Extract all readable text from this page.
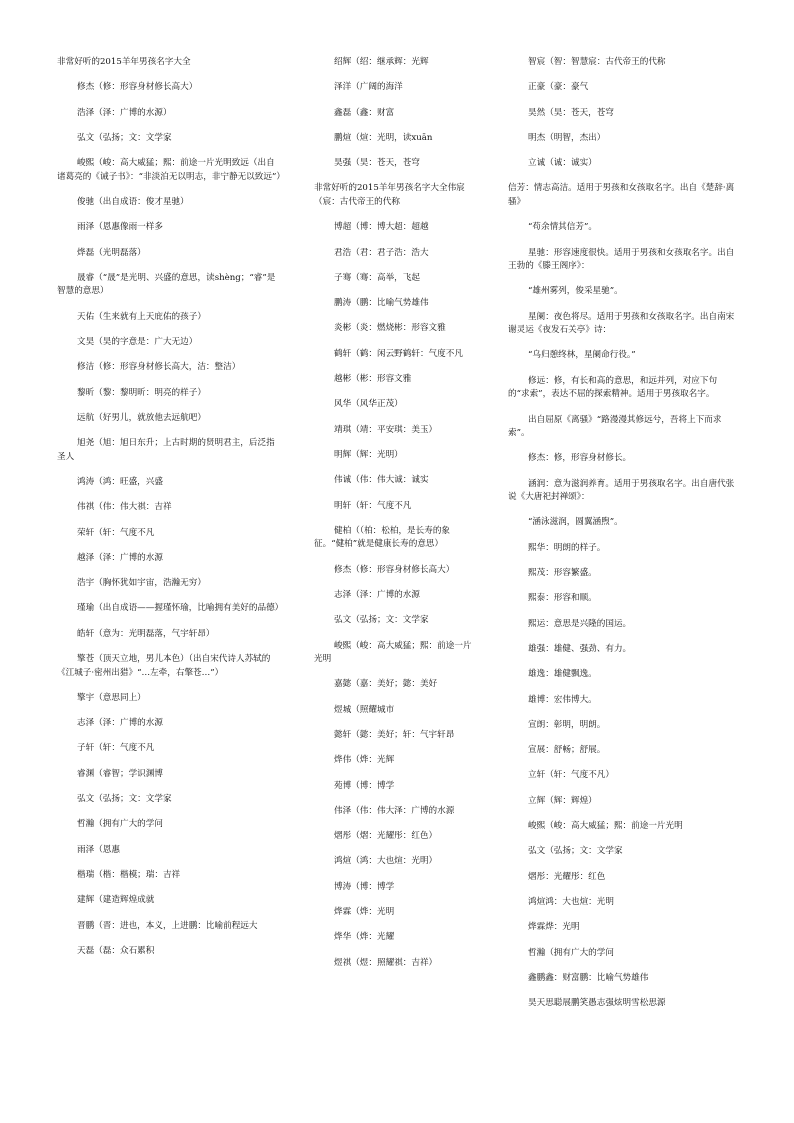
非常好听的2015羊年男孩名字大全

修杰（修：形容身材修长高大）

浩泽（泽：广博的水源）

弘文（弘扬；文：文学家

峻熙（峻：高大威猛；熙：前途一片光明致远（出自诸葛亮的《诫子书》：“非淡泊无以明志，非宁静无以致远”）

俊驰（出自成语：俊才星驰）

雨泽（恩惠像雨一样多

烨磊（光明磊落）

晟睿（“晟”是光明、兴盛的意思，读shèng；“睿”是智慧的意思）

天佑（生来就有上天庇佑的孩子）

文昊（昊的字意是：广大无边）

修洁（修：形容身材修长高大，洁：整洁）

黎昕（黎：黎明昕：明亮的样子）

远航（好男儿，就放他去远航吧）

旭尧（旭：旭日东升；上古时期的贤明君主，后泛指圣人

鸿涛（鸿：旺盛，兴盛

伟祺（伟：伟大祺：吉祥

荣轩（轩：气度不凡

越泽（泽：广博的水源

浩宇（胸怀犹如宇宙，浩瀚无穷）

瑾瑜（出自成语——握瑾怀瑜，比喻拥有美好的品德）

皓轩（意为：光明磊落，气宇轩昂）

擎苍（顶天立地，男儿本色）（出自宋代诗人苏轼的《江城子·密州出猎》“…左牵，右擎苍…”）

擎宇（意思同上）

志泽（泽：广博的水源

子轩（轩：气度不凡

睿渊（睿智；学识渊博

弘文（弘扬；文：文学家

哲瀚（拥有广大的学问

雨泽（恩惠

楷瑞（楷：楷模；瑞：吉祥

建辉（建造辉煌成就

晋鹏（晋：进也，本义，上进鹏：比喻前程远大

天磊（磊：众石累积

绍辉（绍：继承辉：光辉

泽洋（广阔的海洋

鑫磊（鑫：财富

鹏煊（煊：光明，读xuān

昊强（昊：苍天，苍穹

非常好听的2015羊年男孩名字大全伟宸（宸：古代帝王的代称

博超（博：博大超：超越

君浩（君：君子浩：浩大

子骞（骞：高举，飞起

鹏涛（鹏：比喻气势雄伟

炎彬（炎：燃烧彬：形容文雅

鹤轩（鹤：闲云野鹤轩：气度不凡

越彬（彬：形容文雅

风华（风华正茂）

靖琪（靖：平安琪：美玉）

明辉（辉：光明）

伟诚（伟：伟大诚：诚实

明轩（轩：气度不凡

健柏（（柏：松柏，是长寿的象征。“健柏”就是健康长寿的意思）

修杰（修：形容身材修长高大）

志泽（泽：广博的水源

弘文（弘扬；文：文学家

峻熙（峻：高大威猛；熙：前途一片光明

嘉懿（嘉：美好；懿：美好

煜城（照耀城市

懿轩（懿：美好；轩：气宇轩昂

烨伟（烨：光辉

苑博（博：博学

伟泽（伟：伟大泽：广博的水源

熠彤（熠：光耀彤：红色）

鸿煊（鸿：大也煊：光明）

博涛（博：博学

烨霖（烨：光明

烨华（烨：光耀

煜祺（煜：照耀祺：吉祥）

智宸（智：智慧宸：古代帝王的代称

正豪（豪：豪气

昊然（昊：苍天，苍穹

明杰（明智，杰出）

立诚（诚：诚实）

信芳：情志高洁。适用于男孩和女孩取名字。出自《楚辞·离骚》

“苟余情其信芳”。

星驰：形容速度很快。适用于男孩和女孩取名字。出自王勃的《滕王阁序》：

“雄州雾列，俊采星驰”。

星阑：夜色将尽。适用于男孩和女孩取名字。出自南宋谢灵运《夜发石关亭》诗：

“乌归憩终林，星阑命行役。”

修远：修，有长和高的意思，和远并列，对应下句的“求索”，表达不屈的探索精神。适用于男孩取名字。

出自屈原《离骚》“路漫漫其修远兮，吾将上下而求索”。

修杰：修，形容身材修长。

涵润：意为滋润养育。适用于男孩取名字。出自唐代张说《大唐祀封禅颂》：

“涵泳滋润，圆翼涵煦”。

熙华：明朗的样子。

熙茂：形容繁盛。

熙泰：形容和顺。

熙运：意思是兴隆的国运。

雄强：雄健、强劲、有力。

雄逸：雄健飘逸。

雄博：宏伟博大。

宣朗：彰明，明朗。

宣展：舒畅；舒展。

立轩（轩：气度不凡）

立辉（辉：辉煌）

峻熙（峻：高大威猛；熙：前途一片光明

弘文（弘扬；文：文学家

熠彤：光耀彤：红色

鸿煊鸿：大也煊：光明

烨霖烨：光明

哲瀚（拥有广大的学问

鑫鹏鑫：财富鹏：比喻气势雄伟

昊天思聪展鹏笑愚志强炫明雪松思源
